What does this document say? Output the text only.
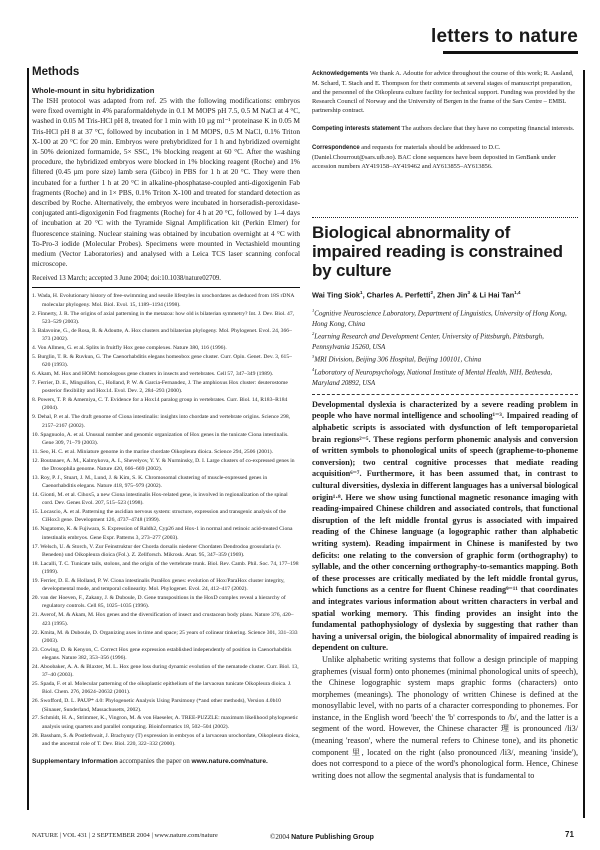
letters to nature
Methods
Whole-mount in situ hybridization

The ISH protocol was adapted from ref. 25 with the following modifications: embryos were fixed overnight in 4% paraformaldehyde in 0.1 M MOPS pH 7.5, 0.5 M NaCl at 4 °C, washed in 0.05 M Tris-HCl pH 8, treated for 1 min with 10 µg ml⁻¹ proteinase K in 0.05 M Tris-HCl pH 8 at 37 °C, followed by incubation in 1 M MOPS, 0.5 M NaCl, 0.1% Triton X-100 at 20 °C for 20 min. Embryos were prehybridized for 1 h and hybridized overnight in 50% deionized formamide, 5× SSC, 1% blocking reagent at 60 °C. After the washing procedure, the hybridized embryos were blocked in 1% blocking reagent (Roche) and 1% filtered (0.45 µm pore size) lamb sera (Gibco) in PBS for 1 h at 20 °C. They were then incubated for a further 1 h at 20 °C in alkaline-phosphatase-coupled anti-digoxigenin Fab fragments (Roche) and in 1× PBS, 0.1% Triton X-100 and treated for standard detection as described by Roche. Alternatively, the embryos were incubated in horseradish-peroxidase-conjugated anti-digoxigenin Fod fragments (Roche) for 4 h at 20 °C, followed by 1–4 days of incubation at 20 °C with the Tyramide Signal Amplification kit (Perkin Elmer) for fluorescence staining. Nuclear staining was obtained by incubation overnight at 4 °C with To-Pro-3 iodide (Molecular Probes). Specimens were mounted in Vectashield mounting medium (Vector Laboratories) and analysed with a Leica TCS laser scanning confocal microscope.

Received 13 March; accepted 3 June 2004; doi:10.1038/nature02709.
1. Wada, H. Evolutionary history of free-swimming and sessile lifestyles in urochordates as deduced from 18S rDNA molecular phylogeny. Mol. Biol. Evol. 15, 1189–1194 (1998).
2. Finnerty, J. R. The origins of axial patterning in the metazoa: how old is bilaterian symmetry? Int. J. Dev. Biol. 47, 523–529 (2003).
3. Balavoine, G., de Rosa, R. & Adoutte, A. Hox clusters and bilaterian phylogeny. Mol. Phylogenet. Evol. 24, 366–373 (2002).
4. Von Allmen, G. et al. Splits in fruitfly Hox gene complexes. Nature 380, 116 (1996).
5. Burglin, T. R. & Ruvkun, G. The Caenorhabditis elegans homeobox gene cluster. Curr. Opin. Genet. Dev. 3, 615–620 (1993).
6. Akam, M. Hox and HOM: homologous gene clusters in insects and vertebrates. Cell 57, 347–349 (1989).
7. Ferrier, D. E., Minguillon, C., Holland, P. W. & Garcia-Fernandez, J. The amphioxus Hox cluster: deuterostome posterior flexibility and Hox14. Evol. Dev. 2, 284–293 (2000).
8. Powers, T. P. & Amemiya, C. T. Evidence for a Hox14 paralog group in vertebrates. Curr. Biol. 14, R183–R184 (2004).
9. Dehal, P. et al. The draft genome of Ciona intestinalis: insights into chordate and vertebrate origins. Science 298, 2157–2167 (2002).
10. Spagnuolo, A. et al. Unusual number and genomic organization of Hox genes in the tunicate Ciona intestinalis. Gene 309, 71–79 (2003).
11. Seo, H. C. et al. Miniature genome in the marine chordate Oikopleura dioica. Science 294, 2506 (2001).
12. Boutanaev, A. M., Kalmykova, A. I., Shevelyov, Y. Y. & Nurminsky, D. I. Large clusters of co-expressed genes in the Drosophila genome. Nature 420, 666–669 (2002).
13. Roy, P. J., Stuart, J. M., Lund, J. & Kim, S. K. Chromosomal clustering of muscle-expressed genes in Caenorhabditis elegans. Nature 418, 975–979 (2002).
14. Gionti, M. et al. Cihox5, a new Ciona intestinalis Hox-related gene, is involved in regionalization of the spinal cord. Dev. Genes Evol. 207, 515–523 (1998).
15. Locascio, A. et al. Patterning the ascidian nervous system: structure, expression and transgenic analysis of the CiHox3 gene. Development 126, 4737–4748 (1999).
16. Nagatomo, K. & Fujiwara, S. Expression of Raldh2, Cyp26 and Hox-1 in normal and retinoic acid-treated Ciona intestinalis embryos. Gene Expr. Patterns 3, 273–277 (2003).
17. Welsch, U. & Storch, V. Zur Feinstruktur der Chorda dorsalis niederer Chordaten Dendrodoa grossularia (v. Beneden) und Oikopleura dioica (Fol.). Z. Zellforsch. Mikrosk. Anat. 95, 347–359 (1969).
18. Lacalli, T. C. Tunicate tails, stolons, and the origin of the vertebrate trunk. Biol. Rev. Camb. Phil. Soc. 74, 177–198 (1999).
19. Ferrier, D. E. & Holland, P. W. Ciona intestinalis ParaHox genes: evolution of Hox/ParaHox cluster integrity, developmental mode, and temporal colinearity. Mol. Phylogenet. Evol. 24, 412–417 (2002).
20. van der Hoeven, F., Zakany, J. & Duboule, D. Gene transpositions in the HoxD complex reveal a hierarchy of regulatory controls. Cell 85, 1025–1035 (1996).
21. Averof, M. & Akam, M. Hox genes and the diversification of insect and crustacean body plans. Nature 376, 420–423 (1995).
22. Kmita, M. & Duboule, D. Organizing axes in time and space; 25 years of colinear tinkering. Science 301, 331–333 (2003).
23. Cowing, D. & Kenyon, C. Correct Hox gene expression established independently of position in Caenorhabditis elegans. Nature 382, 353–356 (1996).
24. Aboobaker, A. A. & Blaxter, M. L. Hox gene loss during dynamic evolution of the nematode cluster. Curr. Biol. 13, 37–40 (2003).
25. Spada, F. et al. Molecular patterning of the oikoplastic epithelium of the larvacean tunicate Oikopleura dioica. J. Biol. Chem. 276, 20624–20632 (2001).
26. Swofford, D. L. PAUP* 4.0: Phylogenetic Analysis Using Parsimony (*and other methods), Version 4.0b10 (Sinauer, Sunderland, Massachusetts, 2002).
27. Schmidt, H. A., Strimmer, K., Vingron, M. & von Haeseler, A. TREE-PUZZLE: maximum likelihood phylogenetic analysis using quartets and parallel computing. Bioinformatics 18, 502–504 (2002).
28. Bassham, S. & Postlethwait, J. Brachyury (T) expression in embryos of a larvacean urochordate, Oikopleura dioica, and the ancestral role of T. Dev. Biol. 220, 322–332 (2000).
Supplementary Information accompanies the paper on www.nature.com/nature.

Acknowledgements We thank A. Adoutte for advice throughout the course of this work; R. Aasland, M. Schard, T. Stach and E. Thompson for their comments at several stages of manuscript preparation, and the personnel of the Oikopleura culture facility for technical support. Funding was provided by the Research Council of Norway and the University of Bergen in the frame of the Sars Centre – EMBL partnership contract.

Competing interests statement The authors declare that they have no competing financial interests.

Correspondence and requests for materials should be addressed to D.C. (Daniel.Chourrout@sars.uib.no). BAC clone sequences have been deposited in GenBank under accession numbers AY419158–AY419462 and AY613855–AY613856.

Biological abnormality of impaired reading is constrained by culture
Wai Ting Siok$^1$, Charles A. Perfetti$^2$, Zhen Jin$^3$ & Li Hai Tan$^{1,4}$
$^1$Cognitive Neuroscience Laboratory, Department of Linguistics, University of Hong Kong, Hong Kong, China
$^2$Learning Research and Development Center, University of Pittsburgh, Pittsburgh, Pennsylvania 15260, USA
$^3$MRI Division, Beijing 306 Hospital, Beijing 100101, China
$^4$Laboratory of Neuropsychology, National Institute of Mental Health, NIH, Bethesda, Maryland 20892, USA

Developmental dyslexia is characterized by a severe reading problem in people who have normal intelligence and schooling¹⁻³. Impaired reading of alphabetic scripts is associated with dysfunction of left temporoparietal brain regions²⁻⁵. These regions perform phonemic analysis and conversion of written symbols to phonological units of speech (grapheme-to-phoneme conversion); two central cognitive processes that mediate reading acquisition⁶⁻⁷. Furthermore, it has been assumed that, in contrast to cultural diversities, dyslexia in different languages has a universal biological origin¹·⁸. Here we show using functional magnetic resonance imaging with reading-impaired Chinese children and associated controls, that functional disruption of the left middle frontal gyrus is associated with impaired reading of the Chinese language (a logographic rather than alphabetic writing system). Reading impairment in Chinese is manifested by two deficits: one relating to the conversion of graphic form (orthography) to syllable, and the other concerning orthography-to-semantics mapping. Both of these processes are critically mediated by the left middle frontal gyrus, which functions as a centre for fluent Chinese reading⁹⁻¹¹ that coordinates and integrates various information about written characters in verbal and spatial working memory. This finding provides an insight into the fundamental pathophysiology of dyslexia by suggesting that rather than having a universal origin, the biological abnormality of impaired reading is dependent on culture.

Unlike alphabetic writing systems that follow a design principle of mapping graphemes (visual form) onto phonemes (minimal phonological units of speech), the Chinese logographic system maps graphic forms (characters) onto morphemes (meanings). The phonology of written Chinese is defined at the monosyllabic level, with no parts of a character corresponding to phonemes. For instance, in the English word 'beech' the 'b' corresponds to /b/, and the latter is a segment of the word. However, the Chinese character 理 is pronounced /li3/ (meaning 'reason', where the numeral refers to Chinese tone), and its phonetic component 里, located on the right (also pronounced /li3/, meaning 'inside'), does not correspond to a piece of the word's phonological form. Hence, Chinese writing does not allow the segmental analysis that is fundamental to

NATURE | VOL 431 | 2 SEPTEMBER 2004 | www.nature.com/nature	©2004 Nature Publishing Group	71
